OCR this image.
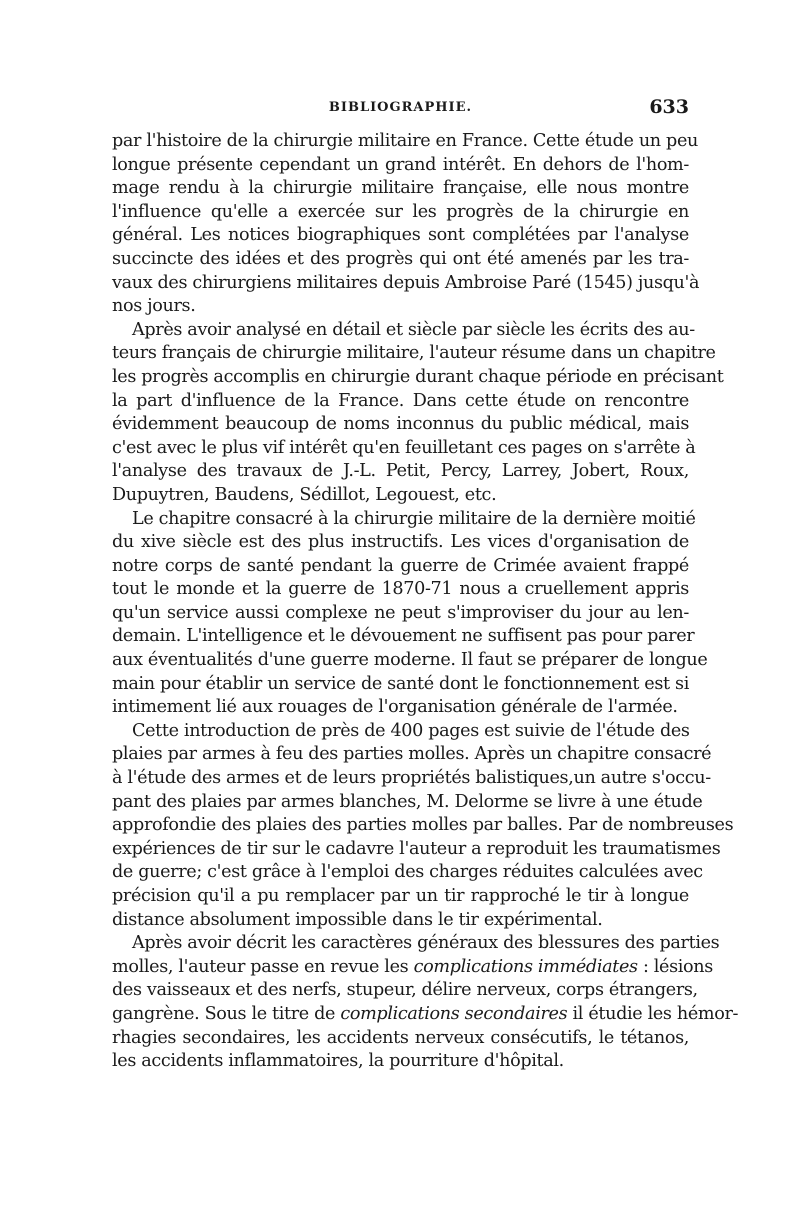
BIBLIOGRAPHIE.	633
par l'histoire de la chirurgie militaire en France. Cette étude un peu
longue présente cependant un grand intérêt. En dehors de l'hom-
mage rendu à la chirurgie militaire française, elle nous montre
l'influence qu'elle a exercée sur les progrès de la chirurgie en
général. Les notices biographiques sont complétées par l'analyse
succincte des idées et des progrès qui ont été amenés par les tra-
vaux des chirurgiens militaires depuis Ambroise Paré (1545) jusqu'à
nos jours.
Après avoir analysé en détail et siècle par siècle les écrits des au-
teurs français de chirurgie militaire, l'auteur résume dans un chapitre
les progrès accomplis en chirurgie durant chaque période en précisant
la part d'influence de la France. Dans cette étude on rencontre
évidemment beaucoup de noms inconnus du public médical, mais
c'est avec le plus vif intérêt qu'en feuilletant ces pages on s'arrête à
l'analyse des travaux de J.-L. Petit, Percy, Larrey, Jobert, Roux,
Dupuytren, Baudens, Sédillot, Legouest, etc.
Le chapitre consacré à la chirurgie militaire de la dernière moitié
du xive siècle est des plus instructifs. Les vices d'organisation de
notre corps de santé pendant la guerre de Crimée avaient frappé
tout le monde et la guerre de 1870-71 nous a cruellement appris
qu'un service aussi complexe ne peut s'improviser du jour au len-
demain. L'intelligence et le dévouement ne suffisent pas pour parer
aux éventualités d'une guerre moderne. Il faut se préparer de longue
main pour établir un service de santé dont le fonctionnement est si
intimement lié aux rouages de l'organisation générale de l'armée.
Cette introduction de près de 400 pages est suivie de l'étude des
plaies par armes à feu des parties molles. Après un chapitre consacré
à l'étude des armes et de leurs propriétés balistiques,un autre s'occu-
pant des plaies par armes blanches, M. Delorme se livre à une étude
approfondie des plaies des parties molles par balles. Par de nombreuses
expériences de tir sur le cadavre l'auteur a reproduit les traumatismes
de guerre; c'est grâce à l'emploi des charges réduites calculées avec
précision qu'il a pu remplacer par un tir rapproché le tir à longue
distance absolument impossible dans le tir expérimental.
Après avoir décrit les caractères généraux des blessures des parties
molles, l'auteur passe en revue les complications immédiates : lésions
des vaisseaux et des nerfs, stupeur, délire nerveux, corps étrangers,
gangrène. Sous le titre de complications secondaires il étudie les hémor-
rhagies secondaires, les accidents nerveux consécutifs, le tétanos,
les accidents inflammatoires, la pourriture d'hôpital.
